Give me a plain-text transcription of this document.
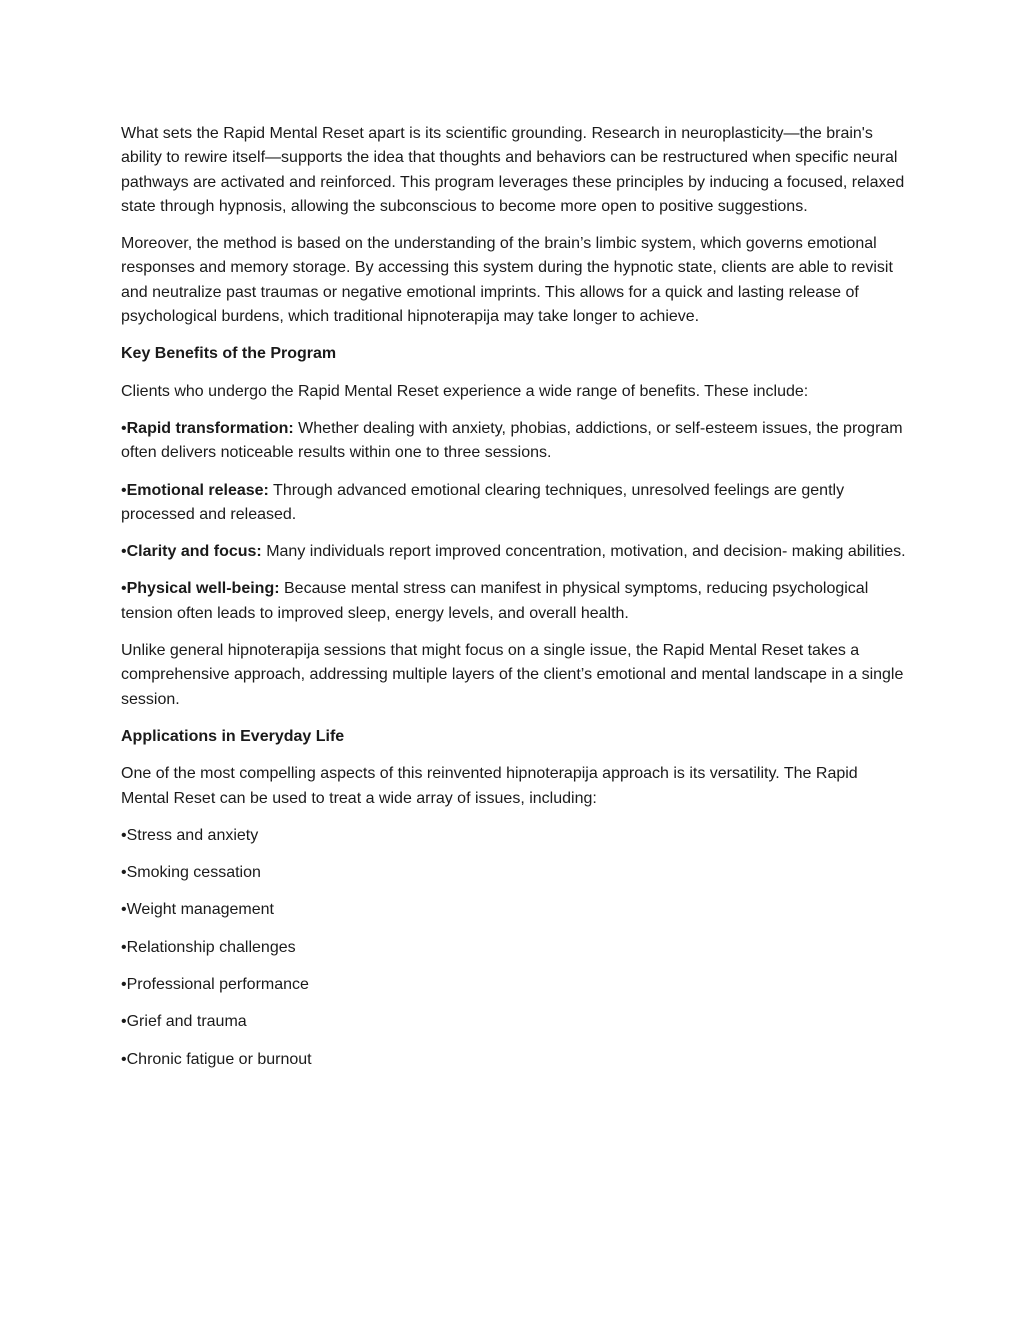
What sets the Rapid Mental Reset apart is its scientific grounding. Research in neuroplasticity—the brain's ability to rewire itself—supports the idea that thoughts and behaviors can be restructured when specific neural pathways are activated and reinforced. This program leverages these principles by inducing a focused, relaxed state through hypnosis, allowing the subconscious to become more open to positive suggestions.

Moreover, the method is based on the understanding of the brain’s limbic system, which governs emotional responses and memory storage. By accessing this system during the hypnotic state, clients are able to revisit and neutralize past traumas or negative emotional imprints. This allows for a quick and lasting release of psychological burdens, which traditional hipnoterapija may take longer to achieve.

Key Benefits of the Program

Clients who undergo the Rapid Mental Reset experience a wide range of benefits. These include:

•Rapid transformation: Whether dealing with anxiety, phobias, addictions, or self-esteem issues, the program often delivers noticeable results within one to three sessions.

•Emotional release: Through advanced emotional clearing techniques, unresolved feelings are gently processed and released.

•Clarity and focus: Many individuals report improved concentration, motivation, and decision- making abilities.

•Physical well-being: Because mental stress can manifest in physical symptoms, reducing psychological tension often leads to improved sleep, energy levels, and overall health.

Unlike general hipnoterapija sessions that might focus on a single issue, the Rapid Mental Reset takes a comprehensive approach, addressing multiple layers of the client’s emotional and mental landscape in a single session.

Applications in Everyday Life

One of the most compelling aspects of this reinvented hipnoterapija approach is its versatility. The Rapid Mental Reset can be used to treat a wide array of issues, including:

•Stress and anxiety
•Smoking cessation
•Weight management
•Relationship challenges
•Professional performance
•Grief and trauma
•Chronic fatigue or burnout
